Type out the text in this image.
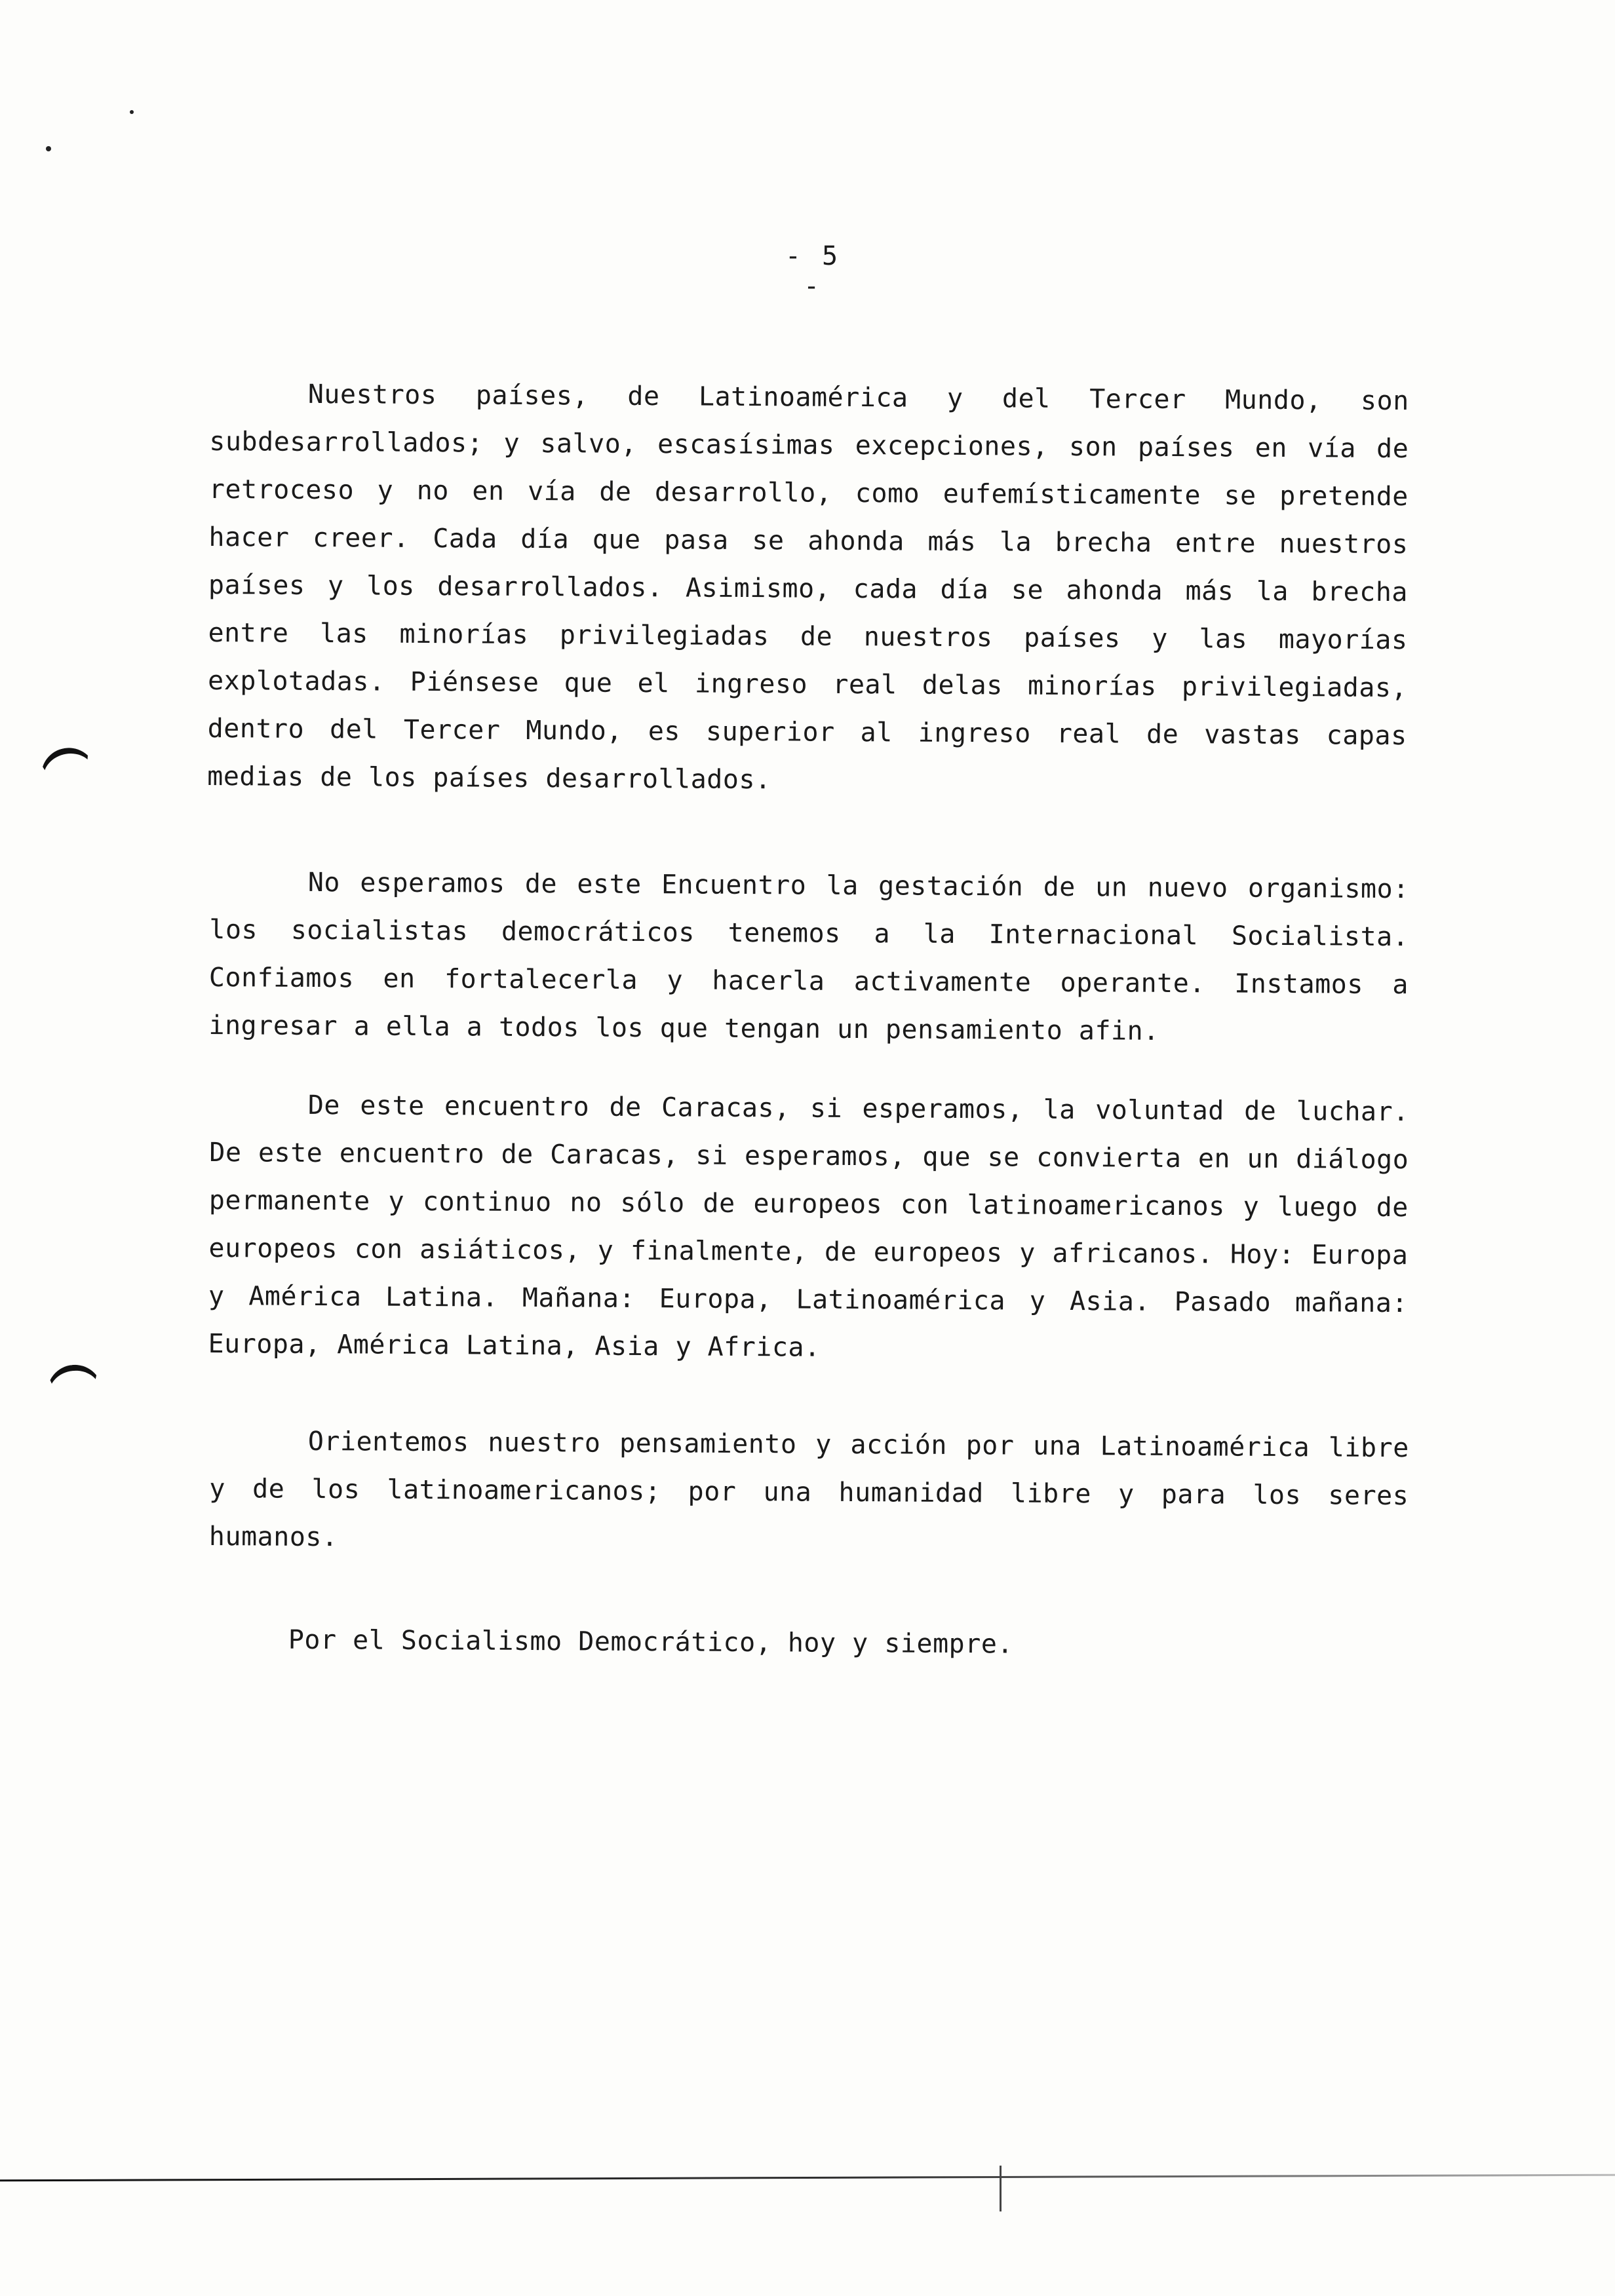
- 5 -

Nuestros países, de Latinoamérica y del Tercer Mundo, son subdesarrollados; y salvo, escasísimas excepciones, son países en vía de retroceso y no en vía de desarrollo, como eufemísticamente se pretende hacer creer. Cada día que pasa se ahonda más la brecha entre nuestros países y los desarrollados. Asimismo, cada día se ahonda más la brecha entre las minorías privilegiadas de nuestros países y las mayorías explotadas. Piénsese que el ingreso real delas minorías privilegiadas, dentro del Tercer Mundo, es superior al ingreso real de vastas capas medias de los países desarrollados.

No esperamos de este Encuentro la gestación de un nuevo organismo: los socialistas democráticos tenemos a la Internacional Socialista. Confiamos en fortalecerla y hacerla activamente operante. Instamos a ingresar a ella a todos los que tengan un pensamiento afin.

De este encuentro de Caracas, si esperamos, la voluntad de luchar. De este encuentro de Caracas, si esperamos, que se convierta en un diálogo permanente y continuo no sólo de europeos con latinoamericanos y luego de europeos con asiáticos, y finalmente, de europeos y africanos. Hoy: Europa y América Latina. Mañana: Europa, Latinoamérica y Asia. Pasado mañana: Europa, América Latina, Asia y Africa.

Orientemos nuestro pensamiento y acción por una Latinoamérica libre y de los latinoamericanos; por una humanidad libre y para los seres humanos.

Por el Socialismo Democrático, hoy y siempre.
